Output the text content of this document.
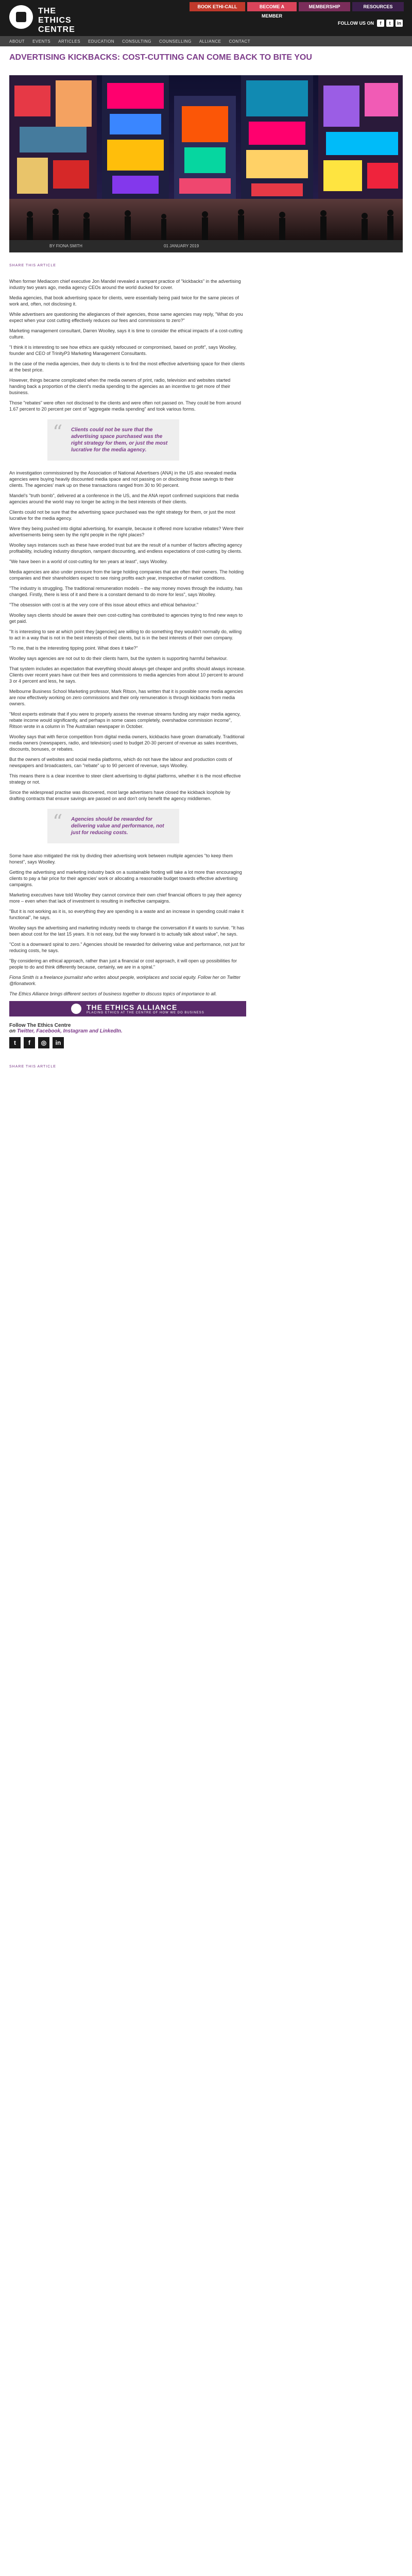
THE
ETHICS
CENTRE
BOOK ETHI-CALL	BECOME A MEMBER
MEMBERSHIP	RESOURCES
FOLLOW US ON	f	t	in
ABOUT EVENTS ARTICLES EDUCATION CONSULTING COUNSELLING ALLIANCE CONTACT
ADVERTISING KICKBACKS: COST-CUTTING CAN COME BACK TO BITE YOU
BY FIONA SMITH	01 JANUARY 2019
SHARE THIS ARTICLE

When former Mediacom chief executive Jon Mandel revealed a rampant practice of "kickbacks" in the advertising industry two years ago, media agency CEOs around the world ducked for cover.

Media agencies, that book advertising space for clients, were essentially being paid twice for the same pieces of work and, often, not disclosing it.

While advertisers are questioning the allegiances of their agencies, those same agencies may reply, "What do you expect when your cost cutting effectively reduces our fees and commissions to zero?"

Marketing management consultant, Darren Woolley, says it is time to consider the ethical impacts of a cost-cutting culture.

"I think it is interesting to see how ethics are quickly refocused or compromised, based on profit", says Woolley, founder and CEO of TrinityP3 Marketing Management Consultants.

In the case of the media agencies, their duty to clients is to find the most effective advertising space for their clients at the best price.

However, things became complicated when the media owners of print, radio, television and websites started handing back a proportion of the client's media spending to the agencies as an incentive to get more of their business.

Those "rebates" were often not disclosed to the clients and were often not passed on. They could be from around 1.67 percent to 20 percent per cent of "aggregate media spending" and took various forms.

“ Clients could not be sure that the advertising space purchased was the right strategy for them, or just the most lucrative for the media agency.

An investigation commissioned by the Association of National Advertisers (ANA) in the US also revealed media agencies were buying heavily discounted media space and not passing on or disclosing those savings to their clients. The agencies' mark up on these transactions ranged from 30 to 90 percent.

Mandel's "truth bomb", delivered at a conference in the US, and the ANA report confirmed suspicions that media agencies around the world may no longer be acting in the best interests of their clients.

Clients could not be sure that the advertising space purchased was the right strategy for them, or just the most lucrative for the media agency.

Were they being pushed into digital advertising, for example, because it offered more lucrative rebates? Were their advertisements being seen by the right people in the right places?

Woolley says instances such as these have eroded trust but are the result of a number of factors affecting agency profitability, including industry disruption, rampant discounting, and endless expectations of cost-cutting by clients.

"We have been in a world of cost-cutting for ten years at least", says Woolley.

Media agencies are also under pressure from the large holding companies that are often their owners. The holding companies and their shareholders expect to see rising profits each year, irrespective of market conditions.

"The industry is struggling. The traditional remuneration models – the way money moves through the industry, has changed. Firstly, there is less of it and there is a constant demand to do more for less", says Woolley.

"The obsession with cost is at the very core of this issue about ethics and ethical behaviour."

Woolley says clients should be aware their own cost-cutting has contributed to agencies trying to find new ways to get paid.

"It is interesting to see at which point they [agencies] are willing to do something they wouldn't normally do, willing to act in a way that is not in the best interests of their clients, but is in the best interests of their own company.

"To me, that is the interesting tipping point. What does it take?"

Woolley says agencies are not out to do their clients harm, but the system is supporting harmful behaviour.

That system includes an expectation that everything should always get cheaper and profits should always increase. Clients over recent years have cut their fees and commissions to media agencies from about 10 percent to around 3 or 4 percent and less, he says.

Melbourne Business School Marketing professor, Mark Ritson, has written that it is possible some media agencies are now effectively working on zero commissions and their only remuneration is through kickbacks from media owners.

"Most experts estimate that if you were to properly assess the revenue streams funding any major media agency, rebate income would significantly, and perhaps in some cases completely, overshadow commission income", Ritson wrote in a column in The Australian newspaper in October.

Woolley says that with fierce competition from digital media owners, kickbacks have grown dramatically. Traditional media owners (newspapers, radio, and television) used to budget 20-30 percent of revenue as sales incentives, discounts, bonuses, or rebates.

But the owners of websites and social media platforms, which do not have the labour and production costs of newspapers and broadcasters, can "rebate" up to 90 percent of revenue, says Woolley.

This means there is a clear incentive to steer client advertising to digital platforms, whether it is the most effective strategy or not.

Since the widespread practise was discovered, most large advertisers have closed the kickback loophole by drafting contracts that ensure savings are passed on and don't only benefit the agency middlemen.

“ Agencies should be rewarded for delivering value and performance, not just for reducing costs.

Some have also mitigated the risk by dividing their advertising work between multiple agencies "to keep them honest", says Woolley.

Getting the advertising and marketing industry back on a sustainable footing will take a lot more than encouraging clients to pay a fair price for their agencies' work or allocating a reasonable budget towards effective advertising campaigns.

Marketing executives have told Woolley they cannot convince their own chief financial officers to pay their agency more – even when that lack of investment is resulting in ineffective campaigns.

"But it is not working as it is, so everything they are spending is a waste and an increase in spending could make it functional", he says.

Woolley says the advertising and marketing industry needs to change the conversation if it wants to survive. "It has been about cost for the last 15 years. It is not easy, but the way forward is to actually talk about value", he says.

"Cost is a downward spiral to zero." Agencies should be rewarded for delivering value and performance, not just for reducing costs, he says.

"By considering an ethical approach, rather than just a financial or cost approach, it will open up possibilities for people to do and think differently because, certainly, we are in a spiral."

Fiona Smith is a freelance journalist who writes about people, workplaces and social equity. Follow her on Twitter @fionatwork.

The Ethics Alliance brings different sectors of business together to discuss topics of importance to all.

THE ETHICS ALLIANCE
PLACING ETHICS AT THE CENTRE OF HOW WE DO BUSINESS
Follow The Ethics Centre
on Twitter, Facebook, Instagram and LinkedIn.
t	f	◎	in
SHARE THIS ARTICLE
